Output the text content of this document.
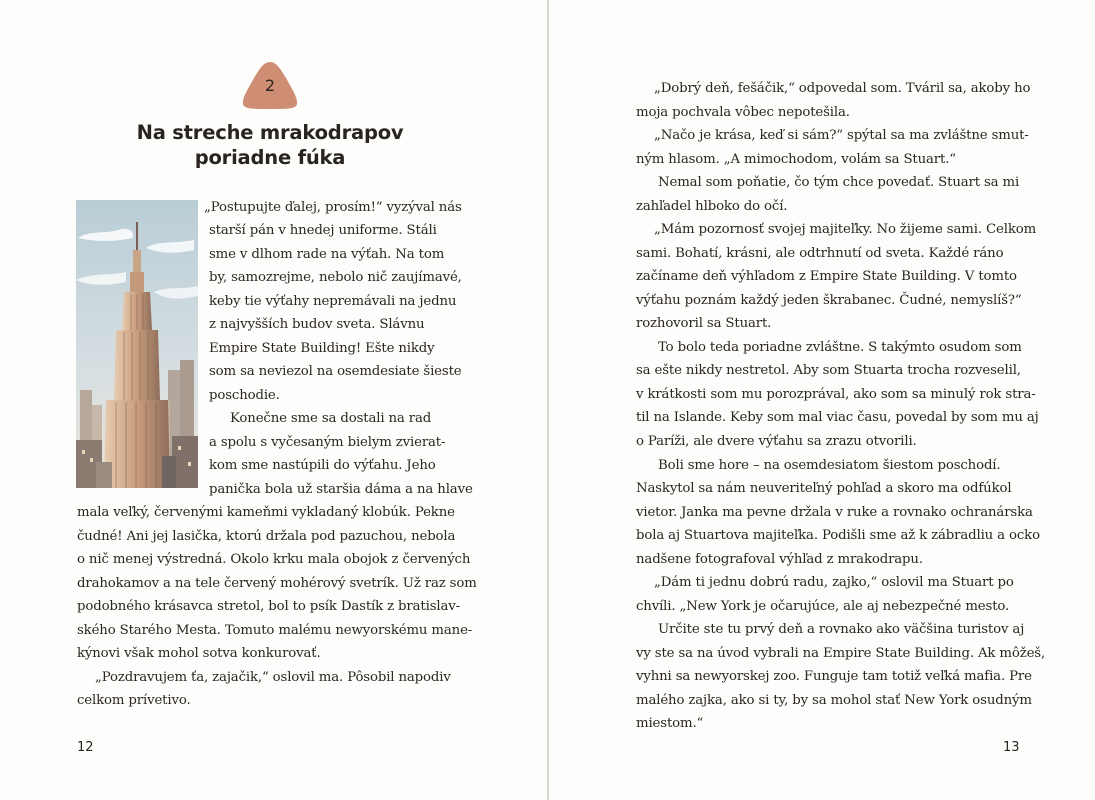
2
Na streche mrakodrapov
poriadne fúka
„Postupujte ďalej, prosím!“ vyzýval nás
starší pán v hnedej uniforme. Stáli
sme v dlhom rade na výťah. Na tom
by, samozrejme, nebolo nič zaujímavé,
keby tie výťahy nepremávali na jednu
z najvyšších budov sveta. Slávnu
Empire State Building! Ešte nikdy
som sa neviezol na osemdesiate šieste
poschodie.
Konečne sme sa dostali na rad
a spolu s vyčesaným bielym zvierat-
kom sme nastúpili do výťahu. Jeho
panička bola už staršia dáma a na hlave
mala veľký, červenými kameňmi vykladaný klobúk. Pekne
čudné! Ani jej lasička, ktorú držala pod pazuchou, nebola
o nič menej výstredná. Okolo krku mala obojok z červených
drahokamov a na tele červený mohérový svetrík. Už raz som
podobného krásavca stretol, bol to psík Dastík z bratislav-
ského Starého Mesta. Tomuto malému newyorskému mane-
kýnovi však mohol sotva konkurovať.
„Pozdravujem ťa, zajačik,“ oslovil ma. Pôsobil napodiv
celkom prívetivo.
12
„Dobrý deň, fešáčik,“ odpovedal som. Tváril sa, akoby ho
moja pochvala vôbec nepotešila.
„Načo je krása, keď si sám?“ spýtal sa ma zvláštne smut-
ným hlasom. „A mimochodom, volám sa Stuart.“
Nemal som poňatie, čo tým chce povedať. Stuart sa mi
zahľadel hlboko do očí.
„Mám pozornosť svojej majiteľky. No žijeme sami. Celkom
sami. Bohatí, krásni, ale odtrhnutí od sveta. Každé ráno
začíname deň výhľadom z Empire State Building. V tomto
výťahu poznám každý jeden škrabanec. Čudné, nemyslíš?“
rozhovoril sa Stuart.
To bolo teda poriadne zvláštne. S takýmto osudom som
sa ešte nikdy nestretol. Aby som Stuarta trocha rozveselil,
v krátkosti som mu porozprával, ako som sa minulý rok stra-
til na Islande. Keby som mal viac času, povedal by som mu aj
o Paríži, ale dvere výťahu sa zrazu otvorili.
Boli sme hore – na osemdesiatom šiestom poschodí.
Naskytol sa nám neuveriteľný pohľad a skoro ma odfúkol
vietor. Janka ma pevne držala v ruke a rovnako ochranárska
bola aj Stuartova majiteľka. Podišli sme až k zábradliu a ocko
nadšene fotografoval výhľad z mrakodrapu.
„Dám ti jednu dobrú radu, zajko,“ oslovil ma Stuart po
chvíli. „New York je očarujúce, ale aj nebezpečné mesto.
Určite ste tu prvý deň a rovnako ako väčšina turistov aj
vy ste sa na úvod vybrali na Empire State Building. Ak môžeš,
vyhni sa newyorskej zoo. Funguje tam totiž veľká mafia. Pre
malého zajka, ako si ty, by sa mohol stať New York osudným
miestom.“
13
